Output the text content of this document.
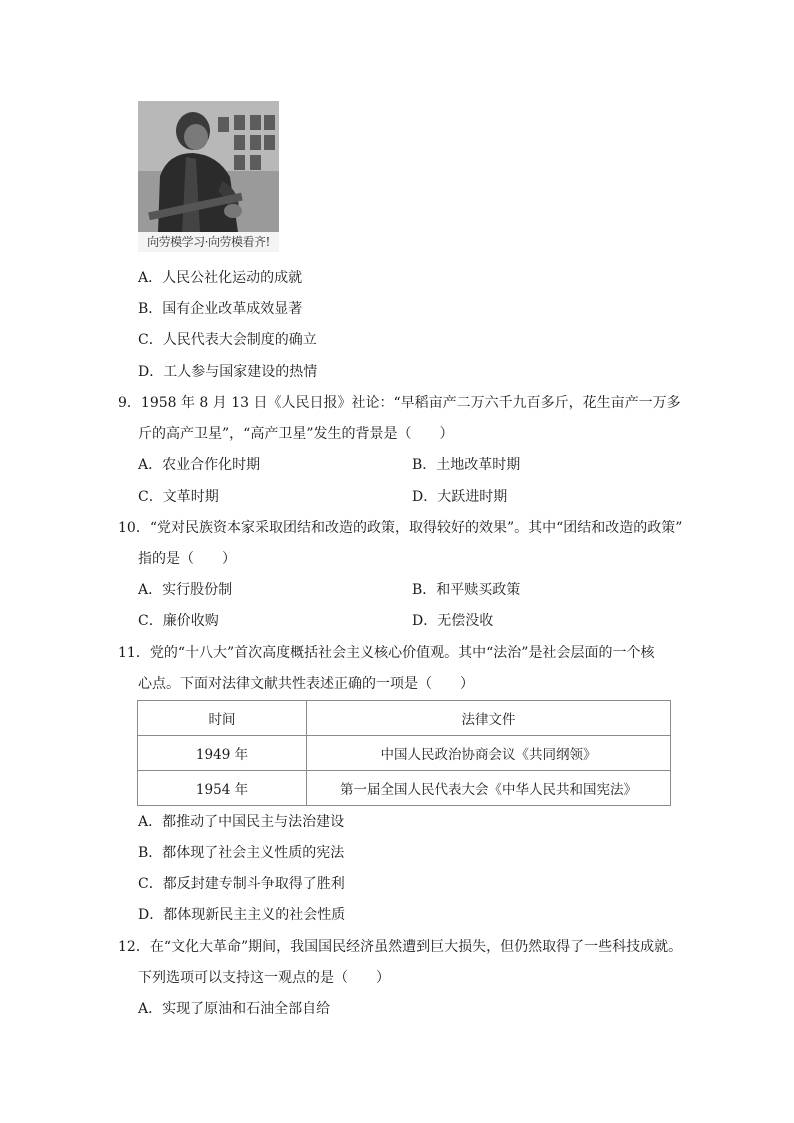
向劳模学习·向劳模看齐!
A．人民公社化运动的成就
B．国有企业改革成效显著
C．人民代表大会制度的确立
D．工人参与国家建设的热情
9．1958 年 8 月 13 日《人民日报》社论：“早稻亩产二万六千九百多斤，花生亩产一万多
斤的高产卫星”，“高产卫星”发生的背景是（　　）
A．农业合作化时期	B．土地改革时期
C．文革时期	D．大跃进时期
10．“党对民族资本家采取团结和改造的政策，取得较好的效果”。其中“团结和改造的政策”
指的是（　　）
A．实行股份制	B．和平赎买政策
C．廉价收购	D．无偿没收
11．党的“十八大”首次高度概括社会主义核心价值观。其中“法治”是社会层面的一个核
心点。下面对法律文献共性表述正确的一项是（　　）
时间	法律文件
1949 年	中国人民政治协商会议《共同纲领》
1954 年	第一届全国人民代表大会《中华人民共和国宪法》
A．都推动了中国民主与法治建设
B．都体现了社会主义性质的宪法
C．都反封建专制斗争取得了胜利
D．都体现新民主主义的社会性质
12．在“文化大革命”期间，我国国民经济虽然遭到巨大损失，但仍然取得了一些科技成就。
下列选项可以支持这一观点的是（　　）
A．实现了原油和石油全部自给
